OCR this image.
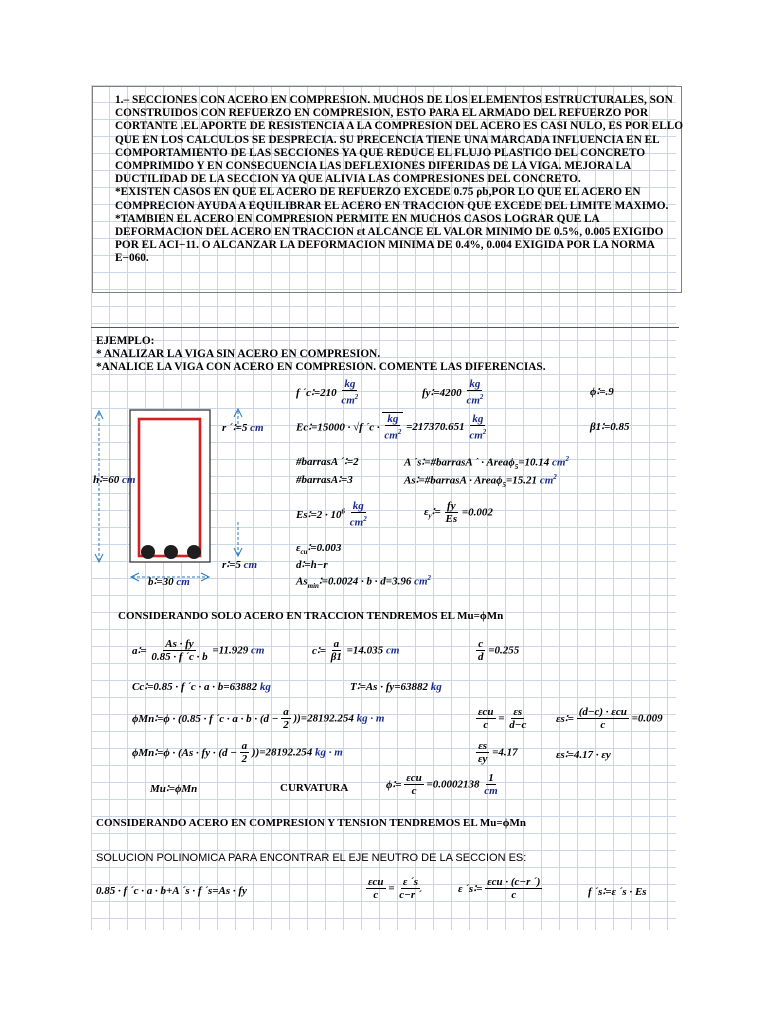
1.– SECCIONES CON ACERO EN COMPRESION. MUCHOS DE LOS ELEMENTOS ESTRUCTURALES, SON CONSTRUIDOS CON REFUERZO EN COMPRESION, ESTO PARA EL ARMADO DEL REFUERZO POR CORTANTE .EL APORTE DE RESISTENCIA A LA COMPRESION DEL ACERO ES CASI NULO, ES POR ELLO QUE EN LOS CALCULOS SE DESPRECIA. SU PRECENCIA TIENE UNA MARCADA INFLUENCIA EN EL COMPORTAMIENTO DE LAS SECCIONES YA QUE REDUCE EL FLUJO PLASTICO DEL CONCRETO COMPRIMIDO Y EN CONSECUENCIA LAS DEFLEXIONES DIFERIDAS DE LA VIGA. MEJORA LA DUCTILIDAD DE LA SECCION YA QUE ALIVIA LAS COMPRESIONES DEL CONCRETO.
*EXISTEN CASOS EN QUE EL ACERO DE REFUERZO EXCEDE 0.75 ρb,POR LO QUE EL ACERO EN COMPRECION AYUDA A EQUILIBRAR EL ACERO EN TRACCION QUE EXCEDE DEL LIMITE MAXIMO.
*TAMBIEN EL ACERO EN COMPRESION PERMITE EN MUCHOS CASOS LOGRAR QUE LA DEFORMACION DEL ACERO EN TRACCION εt ALCANCE EL VALOR MINIMO DE 0.5%, 0.005 EXIGIDO POR EL ACI−11. O ALCANZAR LA DEFORMACION MINIMA DE 0.4%, 0.004 EXIGIDA POR LA NORMA E−060.
EJEMPLO:
* ANALIZAR LA VIGA SIN ACERO EN COMPRESION.
*ANALICE LA VIGA CON ACERO EN COMPRESION. COMENTE LAS DIFERENCIAS.
h∶=60 cm
r ´∶=5 cm
r∶=5 cm
b∶=30 cm
f ´c∶=210 $\frac{kg}{cm^2}$	fy∶=4200 $\frac{kg}{cm^2}$	ϕ∶=.9
Ec∶=15000 · √f ´c · $\frac{kg}{cm^2} =217370.651 \frac{kg}{cm^2}$	β1∶=0.85
#barrasA ´∶=2	A ´s∶=#barrasA ´ · Areaϕ$_5$=10.14 $cm^2$
#barrasA∶=3	As∶=#barrasA · Areaϕ$_5$=15.21 $cm^2$
Es∶=2 · $10^6 \frac{kg}{cm^2}$	$\varepsilon_y∶= \frac{fy}{Es} =0.002$
$\varepsilon_{cu}∶=0.003$
d∶=h−r
$As_{min}∶=0.0024 \cdot b \cdot d=3.96$ $cm^2$
CONSIDERANDO SOLO ACERO EN TRACCION TENDREMOS EL Mu=ϕMn
a∶= $\frac{As \cdot fy}{0.85 \cdot f ´c \cdot b} =11.929$ cm	c∶= $\frac{a}{\beta 1} =14.035$ cm	$\frac{c}{d} =0.255$
Cc∶=0.85 · f ´c · a · b=63882 kg	T∶=As · fy=63882 kg
ϕMn∶=ϕ · (0.85 · f ´c · $a \cdot b \cdot (d - \frac{a}{2} ))=28192.254$ kg · m	$\frac{\text{εcu}}{c} = \frac{\varepsilon s}{d-c}$	εs∶= $\frac{\text{(d−c) · εcu}}{c} =0.009$
ϕMn∶=ϕ · (As · fy · $(d - \frac{a}{2} ))=28192.254$ kg · m	$\frac{\varepsilon s}{\varepsilon y} =4.17$	εs∶=4.17 · εy
Mu∶=ϕMn	CURVATURA	ϕ∶= $\frac{\text{εcu}}{c} =0.0002138 \frac{1}{cm}$
CONSIDERANDO ACERO EN COMPRESION Y TENSION TENDREMOS EL Mu=ϕMn
SOLUCION POLINOMICA PARA ENCONTRAR EL EJE NEUTRO DE LA SECCION ES:
0.85 · f ´c · a · b+A ´s · f ´s=As · fy	$\frac{\text{εcu}}{c} = \frac{\varepsilon ´s}{c-r ´}$	ε ´s∶= $\frac{\text{εcu · (c−r ´)}}{c}$	f ´s∶=ε ´s · Es
